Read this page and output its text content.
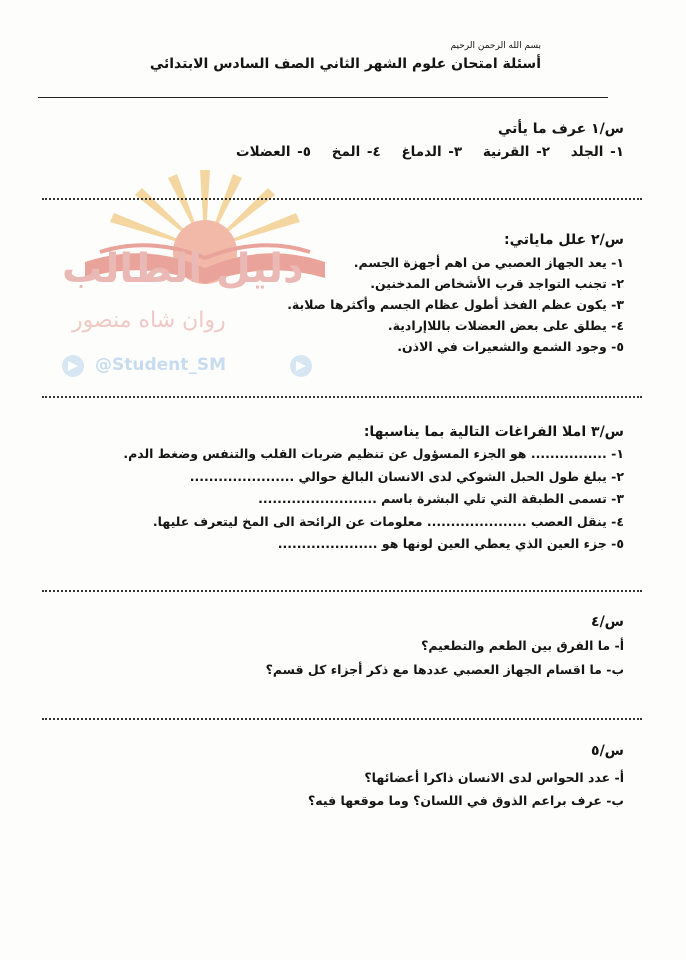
دليل الطالب
روان شاه منصور
@Student_SM
بسم الله الرحمن الرحيم
أسئلة امتحان علوم الشهر الثاني الصف السادس الابتدائي
س/١ عرف ما يأتي
١- الجلد ٢- القرنية ٣- الدماغ ٤- المخ ٥- العضلات
س/٢ علل ماياتي:
١- يعد الجهاز العصبي من اهم أجهزة الجسم.
٢- تجنب التواجد قرب الأشخاص المدخنين.
٣- يكون عظم الفخذ أطول عظام الجسم وأكثرها صلابة.
٤- يطلق على بعض العضلات باللاإرادية.
٥- وجود الشمع والشعيرات في الاذن.
س/٣ املا الفراغات التالية بما يناسبها:
١- ................ هو الجزء المسؤول عن تنظيم ضربات القلب والتنفس وضغط الدم.
٢- يبلغ طول الحبل الشوكي لدى الانسان البالغ حوالي ......................
٣- تسمى الطبقة التي تلي البشرة باسم .........................
٤- ينقل العصب ..................... معلومات عن الرائحة الى المخ ليتعرف عليها.
٥- جزء العين الذي يعطي العين لونها هو .....................
س/٤
أ- ما الفرق بين الطعم والتطعيم؟
ب- ما اقسام الجهاز العصبي عددها مع ذكر أجزاء كل قسم؟
س/٥
أ- عدد الحواس لدى الانسان ذاكرا أعضائها؟
ب- عرف براعم الذوق في اللسان؟ وما موقعها فيه؟
